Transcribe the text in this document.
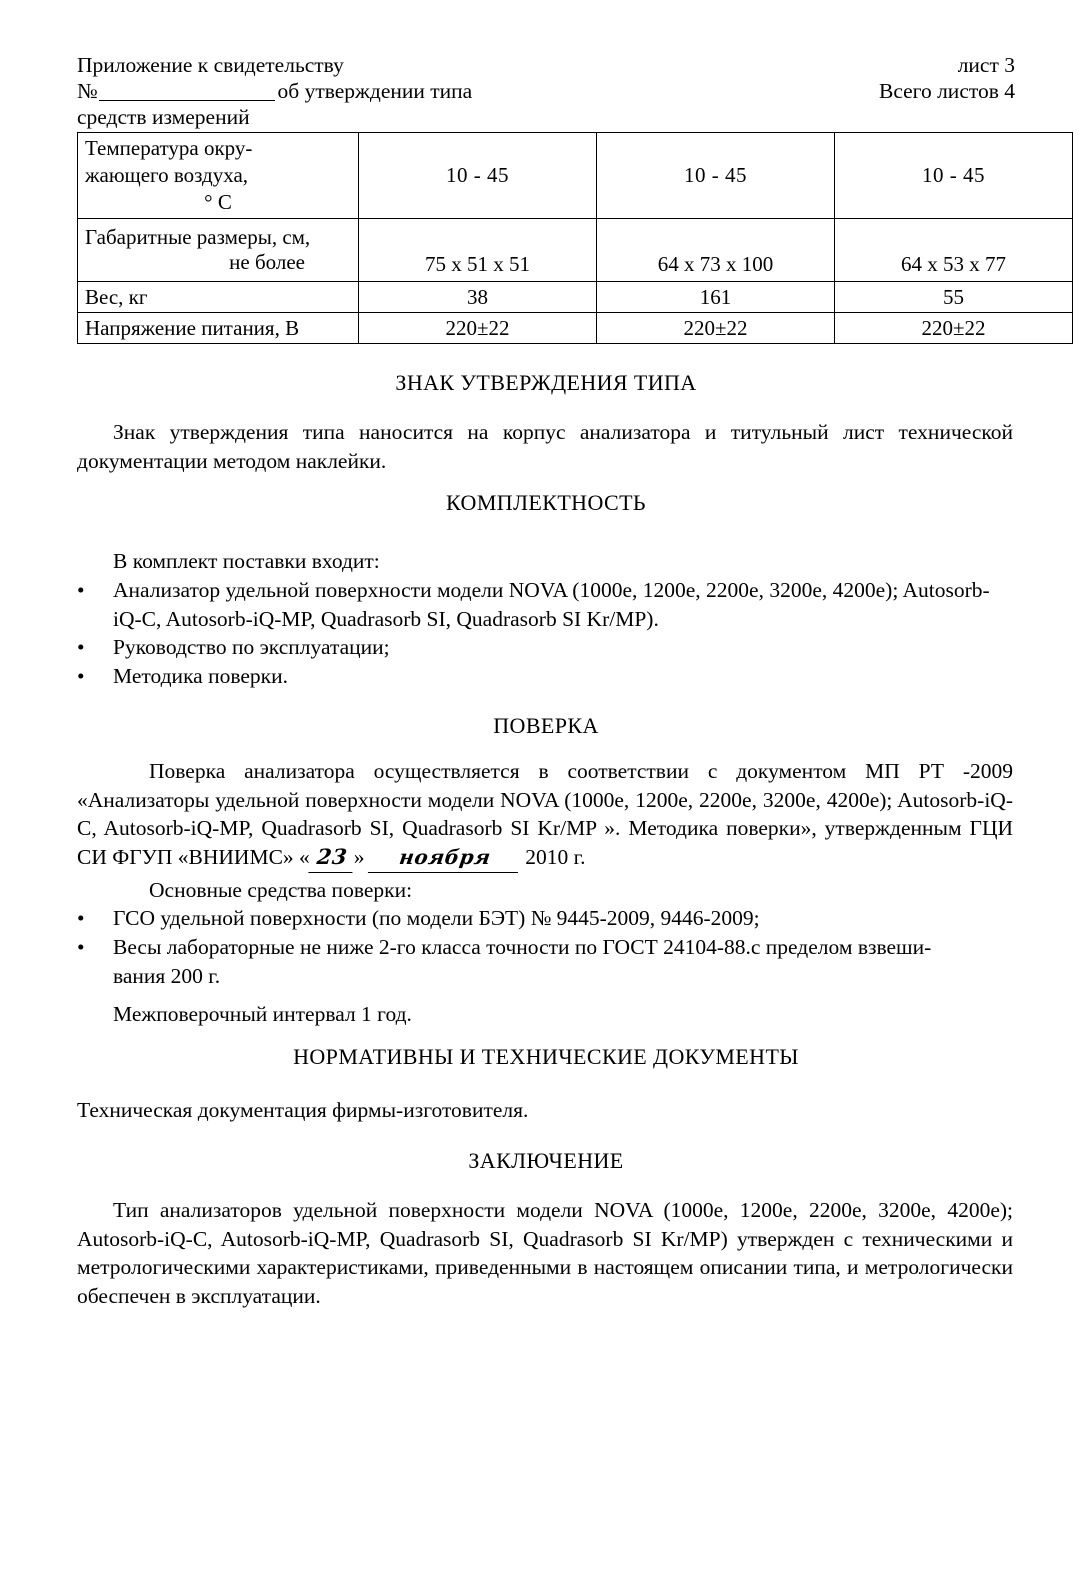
Приложение к свидетельству
№	об утверждении типа
средств измерений
лист 3
Всего листов 4
Температура окру-
жающего воздуха,
° С	10 - 45	10 - 45	10 - 45

Габаритные размеры, см,
не более	75 x 51 x 51	64 x 73 x 100	64 x 53 x 77
Вес, кг	38	161	55
Напряжение питания, В	220±22	220±22	220±22
ЗНАК УТВЕРЖДЕНИЯ ТИПА
Знак утверждения типа наносится на корпус анализатора и титульный лист технической документации методом наклейки.
КОМПЛЕКТНОСТЬ
В комплект поставки входит:
•	Анализатор удельной поверхности модели NOVA (1000e, 1200e, 2200e, 3200e, 4200e); Autosorb-iQ-C, Autosorb-iQ-MP, Quadrasorb SI, Quadrasorb SI Kr/MP).
•	Руководство по эксплуатации;
•	Методика поверки.
ПОВЕРКА
Поверка анализатора осуществляется в соответствии с документом МП РТ -2009 «Анализаторы удельной поверхности модели NOVA (1000e, 1200e, 2200e, 3200e, 4200e); Autosorb-iQ-C, Autosorb-iQ-MP, Quadrasorb SI, Quadrasorb SI Kr/MP ». Методика поверки», утвержденным ГЦИ СИ ФГУП «ВНИИМС» « 23 » ноября 2010 г.
Основные средства поверки:
•	ГСО удельной поверхности (по модели БЭТ) № 9445-2009, 9446-2009;
•	Весы лабораторные не ниже 2-го класса точности по ГОСТ 24104-88.с пределом взвеши-
вания 200 г.
Межповерочный интервал 1 год.
НОРМАТИВНЫ И ТЕХНИЧЕСКИЕ ДОКУМЕНТЫ
Техническая документация фирмы-изготовителя.
ЗАКЛЮЧЕНИЕ
Тип анализаторов удельной поверхности модели NOVA (1000e, 1200e, 2200e, 3200e, 4200e); Autosorb-iQ-C, Autosorb-iQ-MP, Quadrasorb SI, Quadrasorb SI Kr/MP) утвержден с техническими и метрологическими характеристиками, приведенными в настоящем описании типа, и метрологически обеспечен в эксплуатации.
